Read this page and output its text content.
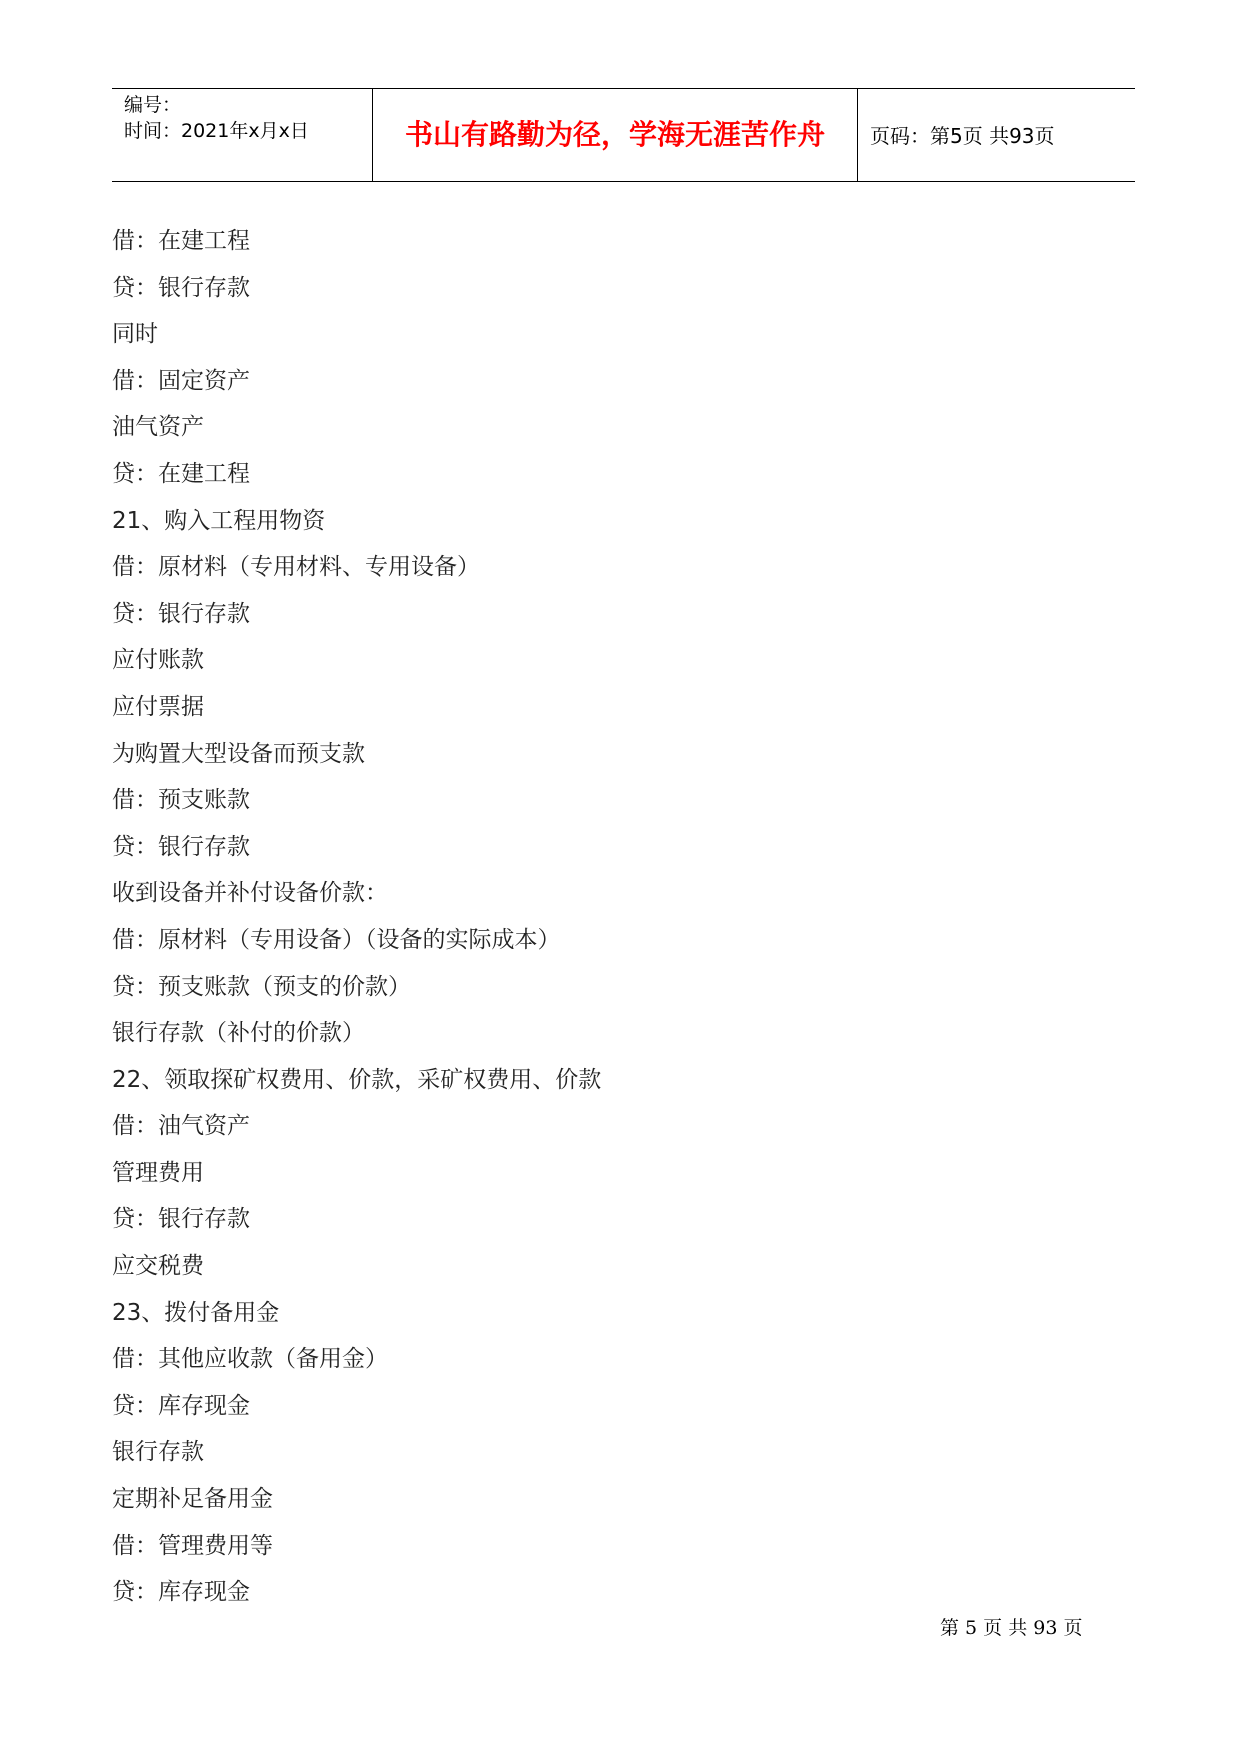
编号：
时间：2021年x月x日	书山有路勤为径，学海无涯苦作舟	页码：第5页 共93页
借：在建工程
贷：银行存款
同时
借：固定资产
油气资产
贷：在建工程
21、购入工程用物资
借：原材料（专用材料、专用设备）
贷：银行存款
应付账款
应付票据
为购置大型设备而预支款
借：预支账款
贷：银行存款
收到设备并补付设备价款：
借：原材料（专用设备）（设备的实际成本）
贷：预支账款（预支的价款）
银行存款（补付的价款）
22、领取探矿权费用、价款，采矿权费用、价款
借：油气资产
管理费用
贷：银行存款
应交税费
23、拨付备用金
借：其他应收款（备用金）
贷：库存现金
银行存款
定期补足备用金
借：管理费用等
贷：库存现金
第 5 页 共 93 页
